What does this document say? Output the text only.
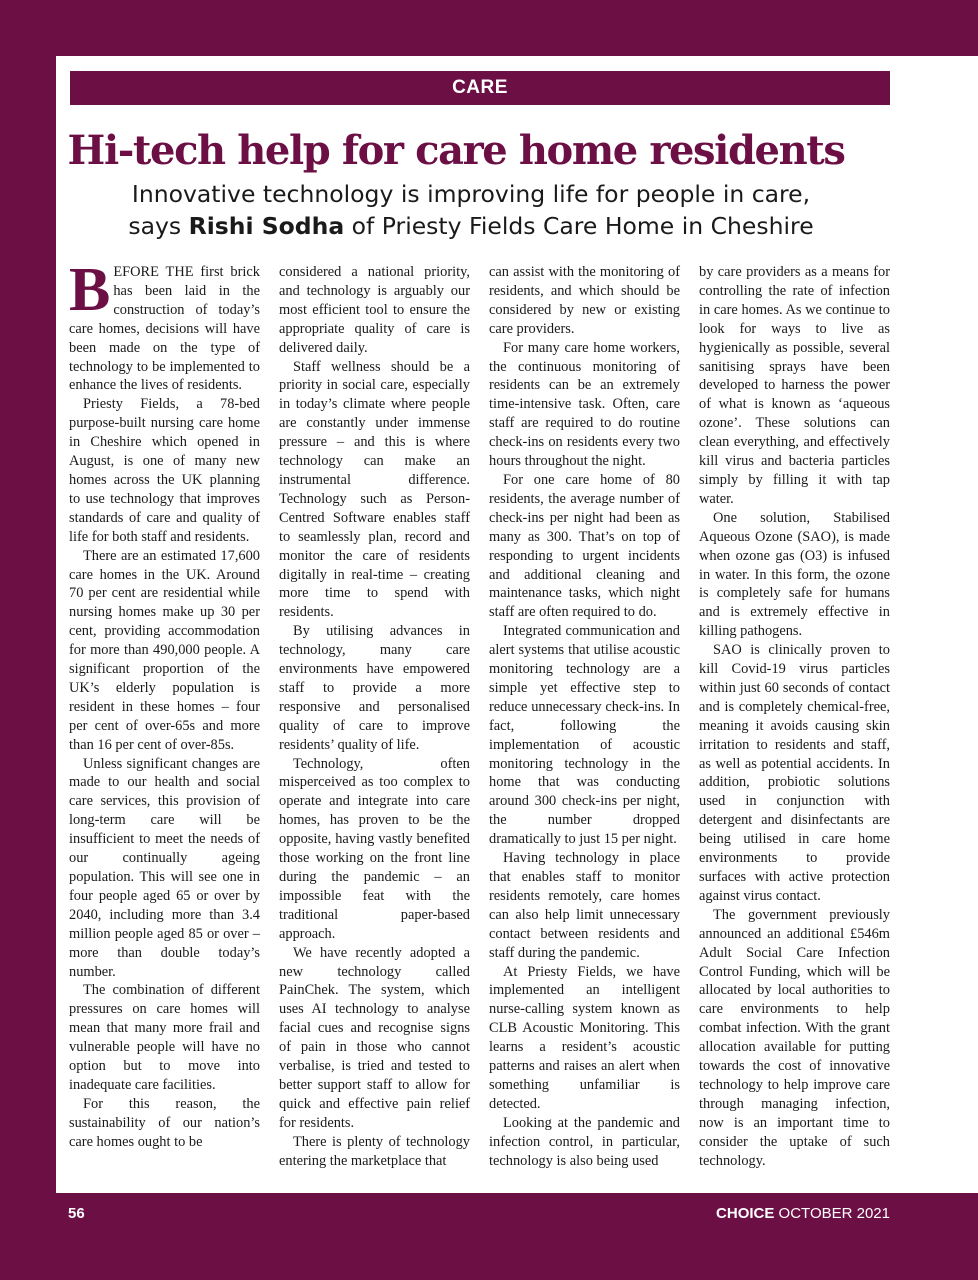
CARE
Hi-tech help for care home residents

Innovative technology is improving life for people in care,
says Rishi Sodha of Priesty Fields Care Home in Cheshire

BEFORE THE first brick has been laid in the construction of today’s care homes, decisions will have been made on the type of technology to be implemented to enhance the lives of residents.

Priesty Fields, a 78-bed purpose-built nursing care home in Cheshire which opened in August, is one of many new homes across the UK planning to use technology that improves standards of care and quality of life for both staff and residents.

There are an estimated 17,600 care homes in the UK. Around 70 per cent are residential while nursing homes make up 30 per cent, providing accommodation for more than 490,000 people. A significant proportion of the UK’s elderly population is resident in these homes – four per cent of over-65s and more than 16 per cent of over-85s.

Unless significant changes are made to our health and social care services, this provision of long-term care will be insufficient to meet the needs of our continually ageing population. This will see one in four people aged 65 or over by 2040, including more than 3.4 million people aged 85 or over – more than double today’s number.

The combination of different pressures on care homes will mean that many more frail and vulnerable people will have no option but to move into inadequate care facilities.

For this reason, the sustainability of our nation’s care homes ought to be

considered a national priority, and technology is arguably our most efficient tool to ensure the appropriate quality of care is delivered daily.

Staff wellness should be a priority in social care, especially in today’s climate where people are constantly under immense pressure – and this is where technology can make an instrumental difference. Technology such as Person-Centred Software enables staff to seamlessly plan, record and monitor the care of residents digitally in real-time – creating more time to spend with residents.

By utilising advances in technology, many care environments have empowered staff to provide a more responsive and personalised quality of care to improve residents’ quality of life.

Technology, often misperceived as too complex to operate and integrate into care homes, has proven to be the opposite, having vastly benefited those working on the front line during the pandemic – an impossible feat with the traditional paper-based approach.

We have recently adopted a new technology called PainChek. The system, which uses AI technology to analyse facial cues and recognise signs of pain in those who cannot verbalise, is tried and tested to better support staff to allow for quick and effective pain relief for residents.

There is plenty of technology entering the marketplace that

can assist with the monitoring of residents, and which should be considered by new or existing care providers.

For many care home workers, the continuous monitoring of residents can be an extremely time-intensive task. Often, care staff are required to do routine check-ins on residents every two hours throughout the night.

For one care home of 80 residents, the average number of check-ins per night had been as many as 300. That’s on top of responding to urgent incidents and additional cleaning and maintenance tasks, which night staff are often required to do.

Integrated communication and alert systems that utilise acoustic monitoring technology are a simple yet effective step to reduce unnecessary check-ins. In fact, following the implementation of acoustic monitoring technology in the home that was conducting around 300 check-ins per night, the number dropped dramatically to just 15 per night.

Having technology in place that enables staff to monitor residents remotely, care homes can also help limit unnecessary contact between residents and staff during the pandemic.

At Priesty Fields, we have implemented an intelligent nurse-calling system known as CLB Acoustic Monitoring. This learns a resident’s acoustic patterns and raises an alert when something unfamiliar is detected.

Looking at the pandemic and infection control, in particular, technology is also being used

by care providers as a means for controlling the rate of infection in care homes. As we continue to look for ways to live as hygienically as possible, several sanitising sprays have been developed to harness the power of what is known as ‘aqueous ozone’. These solutions can clean everything, and effectively kill virus and bacteria particles simply by filling it with tap water.

One solution, Stabilised Aqueous Ozone (SAO), is made when ozone gas (O3) is infused in water. In this form, the ozone is completely safe for humans and is extremely effective in killing pathogens.

SAO is clinically proven to kill Covid-19 virus particles within just 60 seconds of contact and is completely chemical-free, meaning it avoids causing skin irritation to residents and staff, as well as potential accidents. In addition, probiotic solutions used in conjunction with detergent and disinfectants are being utilised in care home environments to provide surfaces with active protection against virus contact.

The government previously announced an additional £546m Adult Social Care Infection Control Funding, which will be allocated by local authorities to care environments to help combat infection. With the grant allocation available for putting towards the cost of innovative technology to help improve care through managing infection, now is an important time to consider the uptake of such technology.

56	CHOICE OCTOBER 2021
